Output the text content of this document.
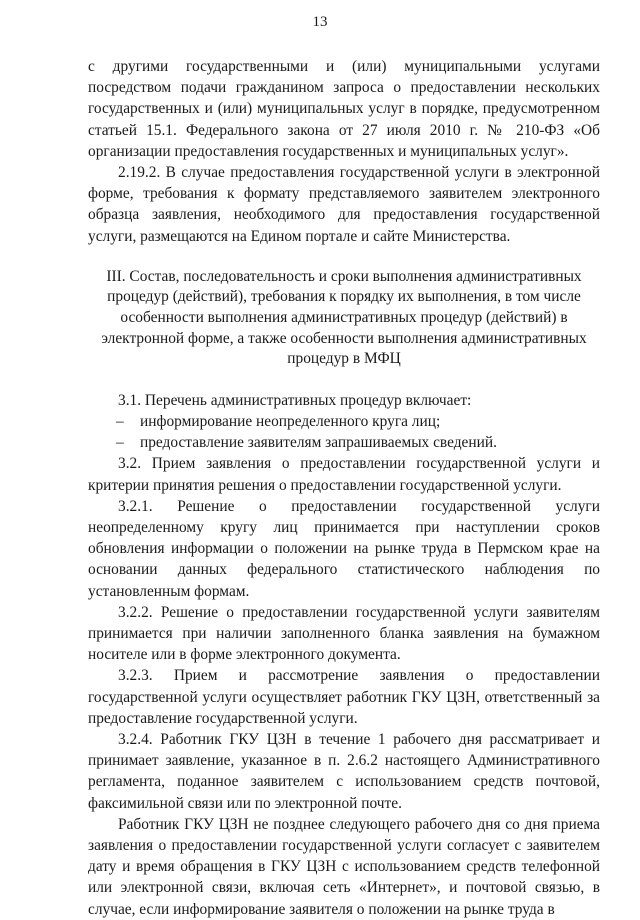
13

с другими государственными и (или) муниципальными услугами посредством подачи гражданином запроса о предоставлении нескольких государственных и (или) муниципальных услуг в порядке, предусмотренном статьей 15.1. Федерального закона от 27 июля 2010 г. № 210-ФЗ «Об организации предоставления государственных и муниципальных услуг».

2.19.2. В случае предоставления государственной услуги в электронной форме, требования к формату представляемого заявителем электронного образца заявления, необходимого для предоставления государственной услуги, размещаются на Едином портале и сайте Министерства.

III. Состав, последовательность и сроки выполнения административных процедур (действий), требования к порядку их выполнения, в том числе особенности выполнения административных процедур (действий) в электронной форме, а также особенности выполнения административных процедур в МФЦ

3.1. Перечень административных процедур включает:

– информирование неопределенного круга лиц;
– предоставление заявителям запрашиваемых сведений.

3.2. Прием заявления о предоставлении государственной услуги и критерии принятия решения о предоставлении государственной услуги.

3.2.1. Решение о предоставлении государственной услуги неопределенному кругу лиц принимается при наступлении сроков обновления информации о положении на рынке труда в Пермском крае на основании данных федерального статистического наблюдения по установленным формам.

3.2.2. Решение о предоставлении государственной услуги заявителям принимается при наличии заполненного бланка заявления на бумажном носителе или в форме электронного документа.

3.2.3. Прием и рассмотрение заявления о предоставлении государственной услуги осуществляет работник ГКУ ЦЗН, ответственный за предоставление государственной услуги.

3.2.4. Работник ГКУ ЦЗН в течение 1 рабочего дня рассматривает и принимает заявление, указанное в п. 2.6.2 настоящего Административного регламента, поданное заявителем с использованием средств почтовой, факсимильной связи или по электронной почте.

Работник ГКУ ЦЗН не позднее следующего рабочего дня со дня приема заявления о предоставлении государственной услуги согласует с заявителем дату и время обращения в ГКУ ЦЗН с использованием средств телефонной или электронной связи, включая сеть «Интернет», и почтовой связью, в случае, если информирование заявителя о положении на рынке труда в
